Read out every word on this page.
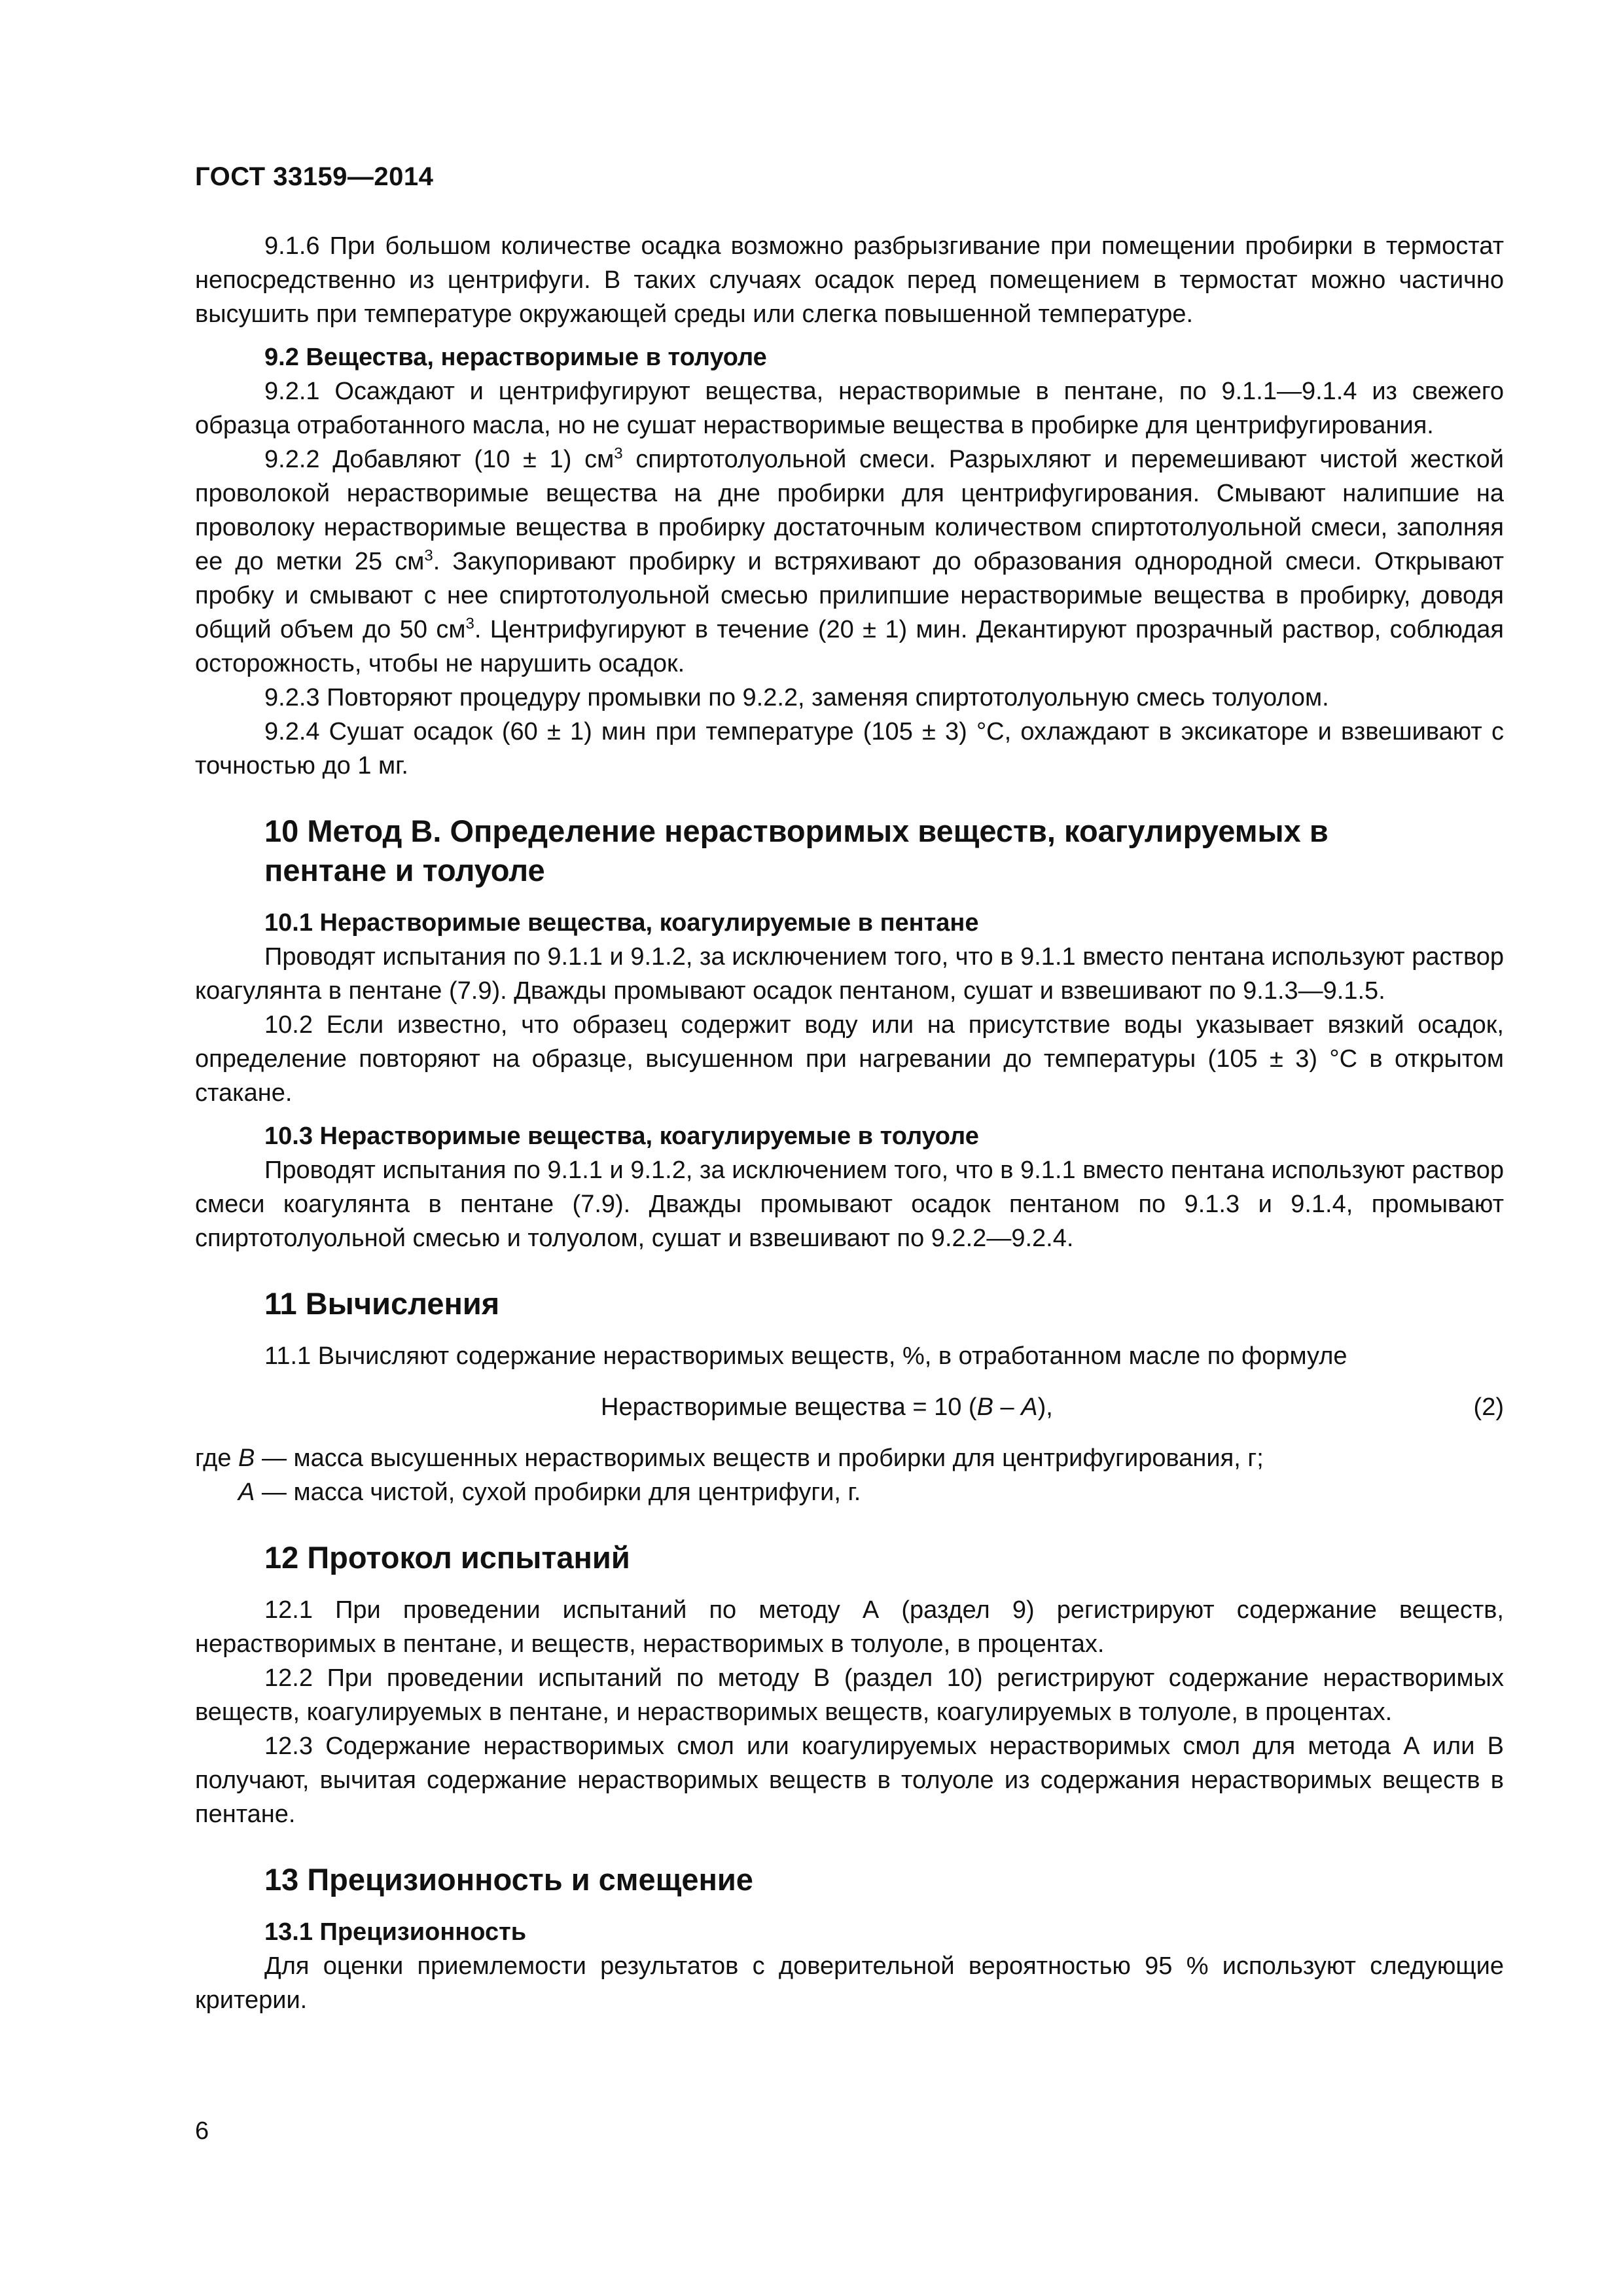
ГОСТ 33159—2014

9.1.6 При большом количестве осадка возможно разбрызгивание при помещении пробирки в термостат непосредственно из центрифуги. В таких случаях осадок перед помещением в термостат можно частично высушить при температуре окружающей среды или слегка повышенной температуре.

9.2 Вещества, нерастворимые в толуоле

9.2.1 Осаждают и центрифугируют вещества, нерастворимые в пентане, по 9.1.1—9.1.4 из свежего образца отработанного масла, но не сушат нерастворимые вещества в пробирке для центрифугирования.

9.2.2 Добавляют (10 ± 1) $см^3$ спиртотолуольной смеси. Разрыхляют и перемешивают чистой жесткой проволокой нерастворимые вещества на дне пробирки для центрифугирования. Смывают налипшие на проволоку нерастворимые вещества в пробирку достаточным количеством спиртотолуольной смеси, заполняя ее до метки 25 $см^3$. Закупоривают пробирку и встряхивают до образования однородной смеси. Открывают пробку и смывают с нее спиртотолуольной смесью прилипшие нерастворимые вещества в пробирку, доводя общий объем до 50 $см^3$. Центрифугируют в течение (20 ± 1) мин. Декантируют прозрачный раствор, соблюдая осторожность, чтобы не нарушить осадок.

9.2.3 Повторяют процедуру промывки по 9.2.2, заменяя спиртотолуольную смесь толуолом.

9.2.4 Сушат осадок (60 ± 1) мин при температуре (105 ± 3) °С, охлаждают в эксикаторе и взвешивают с точностью до 1 мг.

10 Метод В. Определение нерастворимых веществ, коагулируемых в пентане и толуоле

10.1 Нерастворимые вещества, коагулируемые в пентане

Проводят испытания по 9.1.1 и 9.1.2, за исключением того, что в 9.1.1 вместо пентана используют раствор коагулянта в пентане (7.9). Дважды промывают осадок пентаном, сушат и взвешивают по 9.1.3—9.1.5.

10.2 Если известно, что образец содержит воду или на присутствие воды указывает вязкий осадок, определение повторяют на образце, высушенном при нагревании до температуры (105 ± 3) °С в открытом стакане.

10.3 Нерастворимые вещества, коагулируемые в толуоле

Проводят испытания по 9.1.1 и 9.1.2, за исключением того, что в 9.1.1 вместо пентана используют раствор смеси коагулянта в пентане (7.9). Дважды промывают осадок пентаном по 9.1.3 и 9.1.4, промывают спиртотолуольной смесью и толуолом, сушат и взвешивают по 9.2.2—9.2.4.

11 Вычисления

11.1 Вычисляют содержание нерастворимых веществ, %, в отработанном масле по формуле

Нерастворимые вещества = 10 (B – A),	(2)

где B — масса высушенных нерастворимых веществ и пробирки для центрифугирования, г;

A — масса чистой, сухой пробирки для центрифуги, г.

12 Протокол испытаний

12.1 При проведении испытаний по методу А (раздел 9) регистрируют содержание веществ, нерастворимых в пентане, и веществ, нерастворимых в толуоле, в процентах.

12.2 При проведении испытаний по методу В (раздел 10) регистрируют содержание нерастворимых веществ, коагулируемых в пентане, и нерастворимых веществ, коагулируемых в толуоле, в процентах.

12.3 Содержание нерастворимых смол или коагулируемых нерастворимых смол для метода А или В получают, вычитая содержание нерастворимых веществ в толуоле из содержания нерастворимых веществ в пентане.

13 Прецизионность и смещение

13.1 Прецизионность

Для оценки приемлемости результатов с доверительной вероятностью 95 % используют следующие критерии.

6
